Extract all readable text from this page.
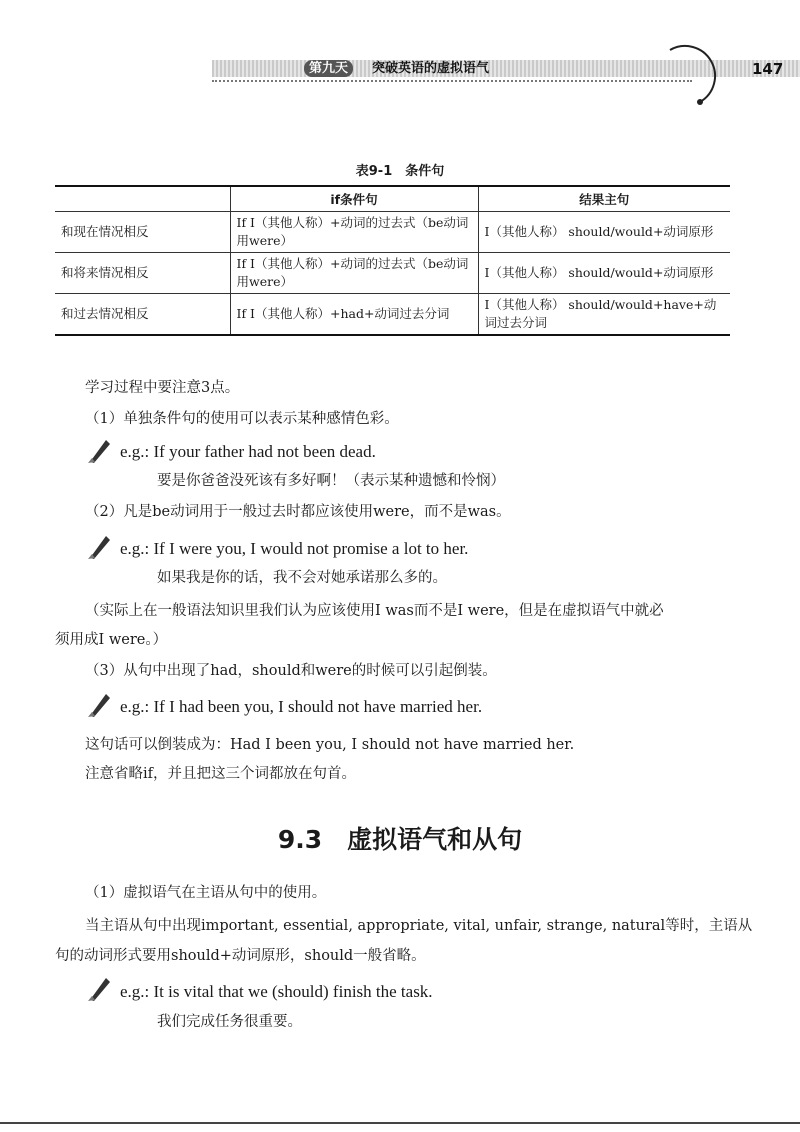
第九天	突破英语的虚拟语气	147
表9-1　条件句
	if条件句	结果主句
和现在情况相反	If I（其他人称）+动词的过去式（be动词用were）	I（其他人称） should/would+动词原形
和将来情况相反	If I（其他人称）+动词的过去式（be动词用were）	I（其他人称） should/would+动词原形
和过去情况相反	If I（其他人称）+had+动词过去分词	I（其他人称） should/would+have+动词过去分词
学习过程中要注意3点。
（1）单独条件句的使用可以表示某种感情色彩。
e.g.: If your father had not been dead.
要是你爸爸没死该有多好啊！（表示某种遗憾和怜悯）
（2）凡是be动词用于一般过去时都应该使用were，而不是was。
e.g.: If I were you, I would not promise a lot to her.
如果我是你的话，我不会对她承诺那么多的。
（实际上在一般语法知识里我们认为应该使用I was而不是I were，但是在虚拟语气中就必
须用成I were。）
（3）从句中出现了had，should和were的时候可以引起倒装。
e.g.: If I had been you, I should not have married her.
这句话可以倒装成为：Had I been you, I should not have married her.
注意省略if，并且把这三个词都放在句首。
9.3　虚拟语气和从句
（1）虚拟语气在主语从句中的使用。
当主语从句中出现important, essential, appropriate, vital, unfair, strange, natural等时，主语从
句的动词形式要用should+动词原形，should一般省略。
e.g.: It is vital that we (should) finish the task.
我们完成任务很重要。
